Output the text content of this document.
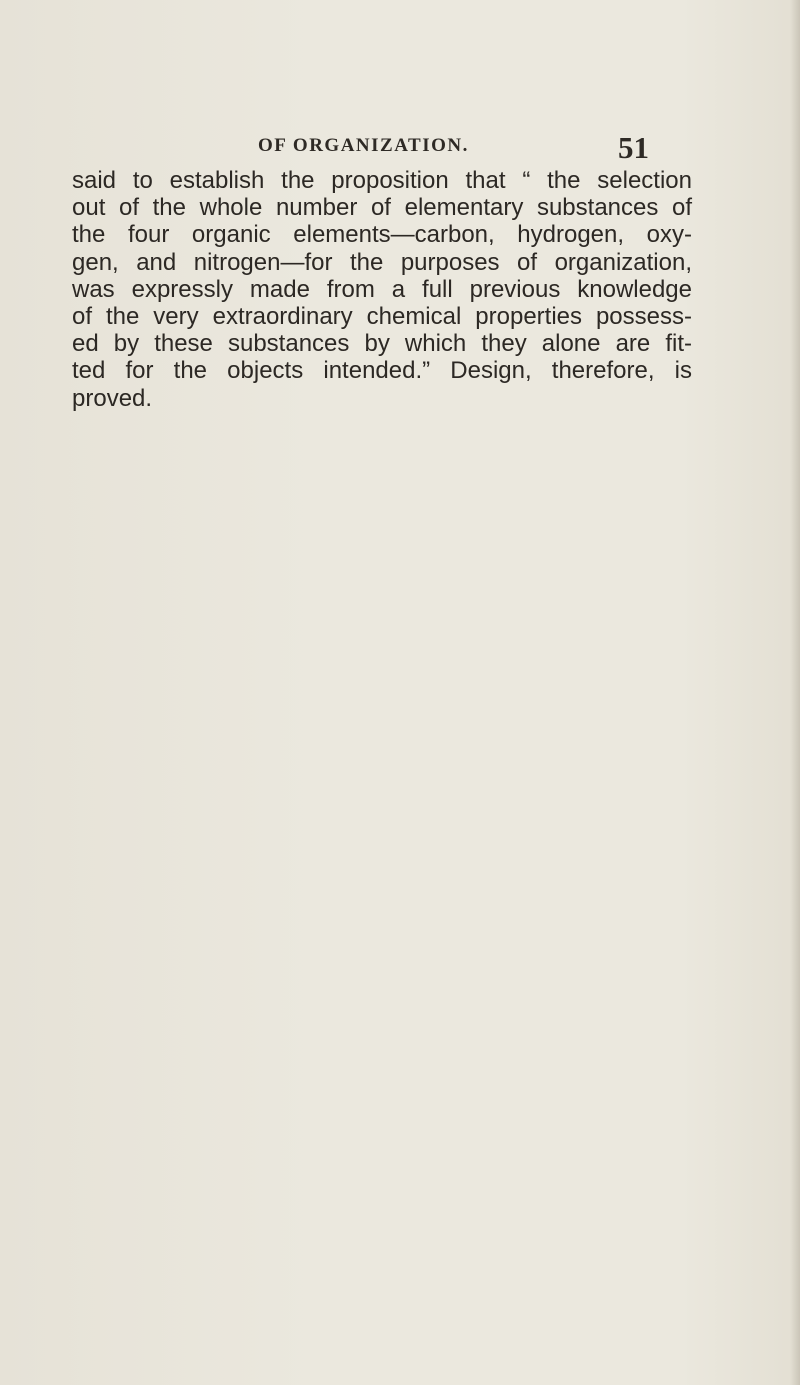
OF ORGANIZATION.	51
said to establish the proposition that “ the selection
out of the whole number of elementary substances of
the four organic elements—carbon, hydrogen, oxy-
gen, and nitrogen—for the purposes of organization,
was expressly made from a full previous knowledge
of the very extraordinary chemical properties possess-
ed by these substances by which they alone are fit-
ted for the objects intended.” Design, therefore, is
proved.
